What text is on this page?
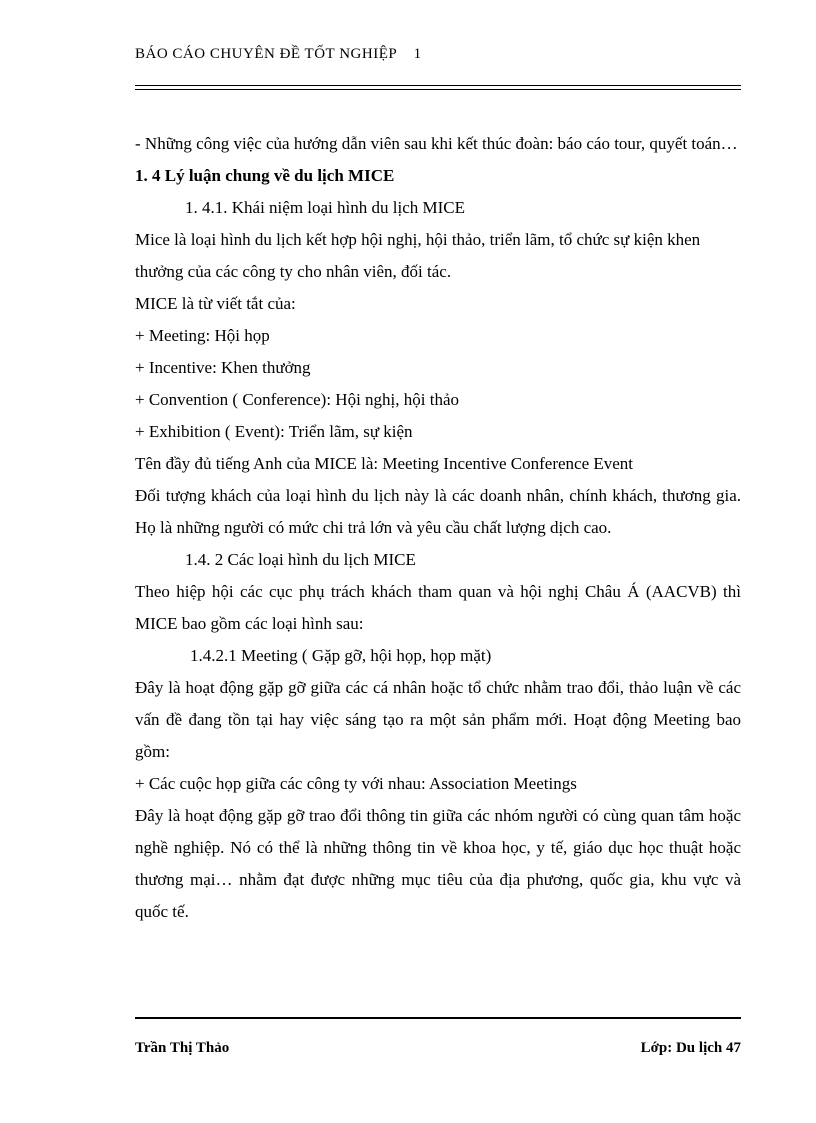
BÁO CÁO CHUYÊN ĐỀ TỐT NGHIỆP 1

- Những công việc của hướng dẫn viên sau khi kết thúc đoàn: báo cáo tour, quyết toán…

1. 4 Lý luận chung về du lịch MICE

1. 4.1. Khái niệm loại hình du lịch MICE

Mice là loại hình du lịch kết hợp hội nghị, hội thảo, triển lãm, tổ chức sự kiện khen thưởng của các công ty cho nhân viên, đối tác.

MICE là từ viết tắt của:

+ Meeting: Hội họp

+ Incentive: Khen thưởng

+ Convention ( Conference): Hội nghị, hội thảo

+ Exhibition ( Event): Triển lãm, sự kiện

Tên đầy đủ tiếng Anh của MICE là: Meeting Incentive Conference Event

Đối tượng khách của loại hình du lịch này là các doanh nhân, chính khách, thương gia. Họ là những người có mức chi trả lớn và yêu cầu chất lượng dịch cao.

1.4. 2 Các loại hình du lịch MICE

Theo hiệp hội các cục phụ trách khách tham quan và hội nghị Châu Á (AACVB) thì MICE bao gồm các loại hình sau:

1.4.2.1 Meeting ( Gặp gỡ, hội họp, họp mặt)

Đây là hoạt động gặp gỡ giữa các cá nhân hoặc tổ chức nhằm trao đổi, thảo luận về các vấn đề đang tồn tại hay việc sáng tạo ra một sản phẩm mới. Hoạt động Meeting bao gồm:

+ Các cuộc họp giữa các công ty với nhau: Association Meetings

Đây là hoạt động gặp gỡ trao đổi thông tin giữa các nhóm người có cùng quan tâm hoặc nghề nghiệp. Nó có thể là những thông tin về khoa học, y tế, giáo dục học thuật hoặc thương mại… nhằm đạt được những mục tiêu của địa phương, quốc gia, khu vực và quốc tế.

Trần Thị Thảo	Lớp: Du lịch 47
